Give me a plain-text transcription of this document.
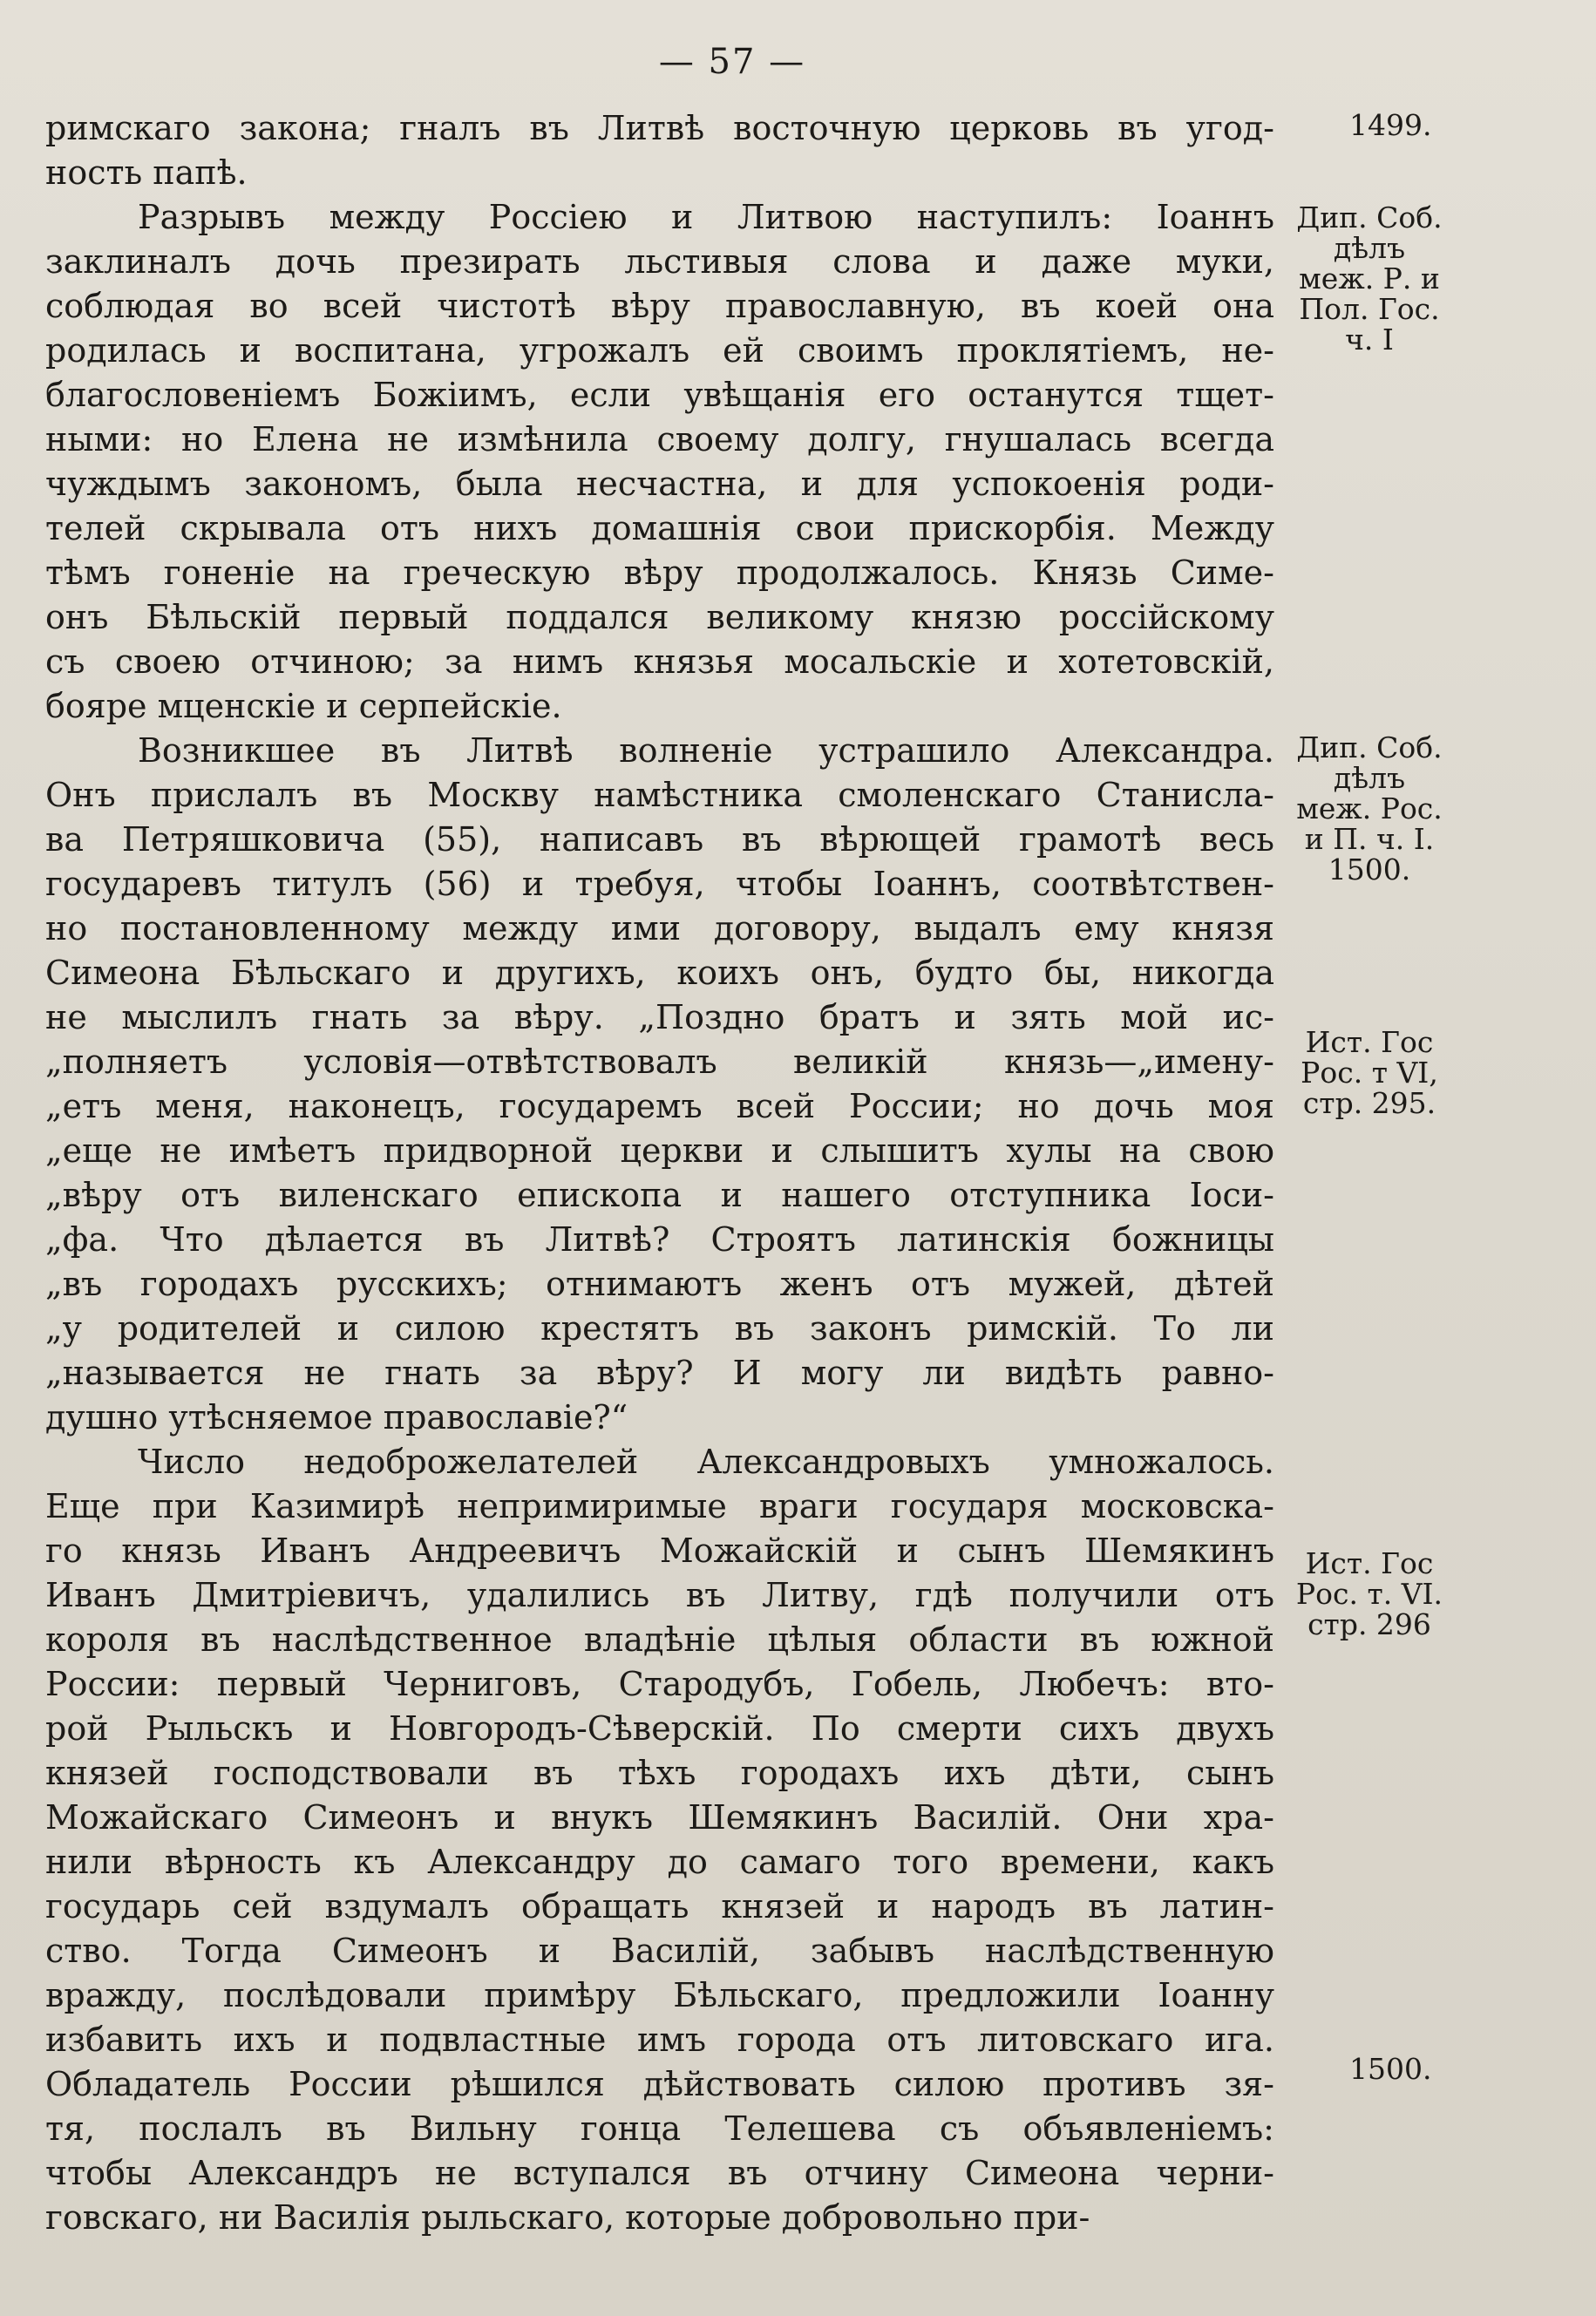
— 57 —
римскаго закона; гналъ въ Литвѣ восточную церковь въ угод-
ность папѣ.
Разрывъ между Россіею и Литвою наступилъ: Іоаннъ
заклиналъ дочь презирать льстивыя слова и даже муки,
соблюдая во всей чистотѣ вѣру православную, въ коей она
родилась и воспитана, угрожалъ ей своимъ проклятіемъ, не-
благословеніемъ Божіимъ, если увѣщанія его останутся тщет-
ными: но Елена не измѣнила своему долгу, гнушалась всегда
чуждымъ закономъ, была несчастна, и для успокоенія роди-
телей скрывала отъ нихъ домашнія свои прискорбія. Между
тѣмъ гоненіе на греческую вѣру продолжалось. Князь Симе-
онъ Бѣльскій первый поддался великому князю россійскому
съ своею отчиною; за нимъ князья мосальскіе и хотетовскій,
бояре мценскіе и серпейскіе.
Возникшее въ Литвѣ волненіе устрашило Александра.
Онъ прислалъ въ Москву намѣстника смоленскаго Станисла-
ва Петряшковича (55), написавъ въ вѣрющей грамотѣ весь
государевъ титулъ (56) и требуя, чтобы Іоаннъ, соотвѣтствен-
но постановленному между ими договору, выдалъ ему князя
Симеона Бѣльскаго и другихъ, коихъ онъ, будто бы, никогда
не мыслилъ гнать за вѣру. „Поздно братъ и зять мой ис-
„полняетъ условія—отвѣтствовалъ великій князь—„имену-
„етъ меня, наконецъ, государемъ всей России; но дочь моя
„еще не имѣетъ придворной церкви и слышитъ хулы на свою
„вѣру отъ виленскаго епископа и нашего отступника Іоси-
„фа. Что дѣлается въ Литвѣ? Строятъ латинскія божницы
„въ городахъ русскихъ; отнимаютъ женъ отъ мужей, дѣтей
„у родителей и силою крестятъ въ законъ римскій. То ли
„называется не гнать за вѣру? И могу ли видѣть равно-
душно утѣсняемое православіе?“
Число недоброжелателей Александровыхъ умножалось.
Еще при Казимирѣ непримиримые враги государя московска-
го князь Иванъ Андреевичъ Можайскій и сынъ Шемякинъ
Иванъ Дмитріевичъ, удалились въ Литву, гдѣ получили отъ
короля въ наслѣдственное владѣніе цѣлыя области въ южной
России: первый Черниговъ, Стародубъ, Гобель, Любечъ: вто-
рой Рыльскъ и Новгородъ-Сѣверскій. По смерти сихъ двухъ
князей господствовали въ тѣхъ городахъ ихъ дѣти, сынъ
Можайскаго Симеонъ и внукъ Шемякинъ Василій. Они хра-
нили вѣрность къ Александру до самаго того времени, какъ
государь сей вздумалъ обращать князей и народъ въ латин-
ство. Тогда Симеонъ и Василій, забывъ наслѣдственную
вражду, послѣдовали примѣру Бѣльскаго, предложили Іоанну
избавить ихъ и подвластные имъ города отъ литовскаго ига.
Обладатель России рѣшился дѣйствовать силою противъ зя-
тя, послалъ въ Вильну гонца Телешева съ объявленіемъ:
чтобы Александръ не вступался въ отчину Симеона черни-
говскаго, ни Василія рыльскаго, которые добровольно при-
1499.
Дип. Соб.
дѣлъ
меж. Р. и
Пол. Гос.
ч. I
Дип. Соб.
дѣлъ
меж. Рос.
и П. ч. I.
1500.
Ист. Гос
Рос. т VI,
стр. 295.
Ист. Гос
Рос. т. VI.
стр. 296
1500.
